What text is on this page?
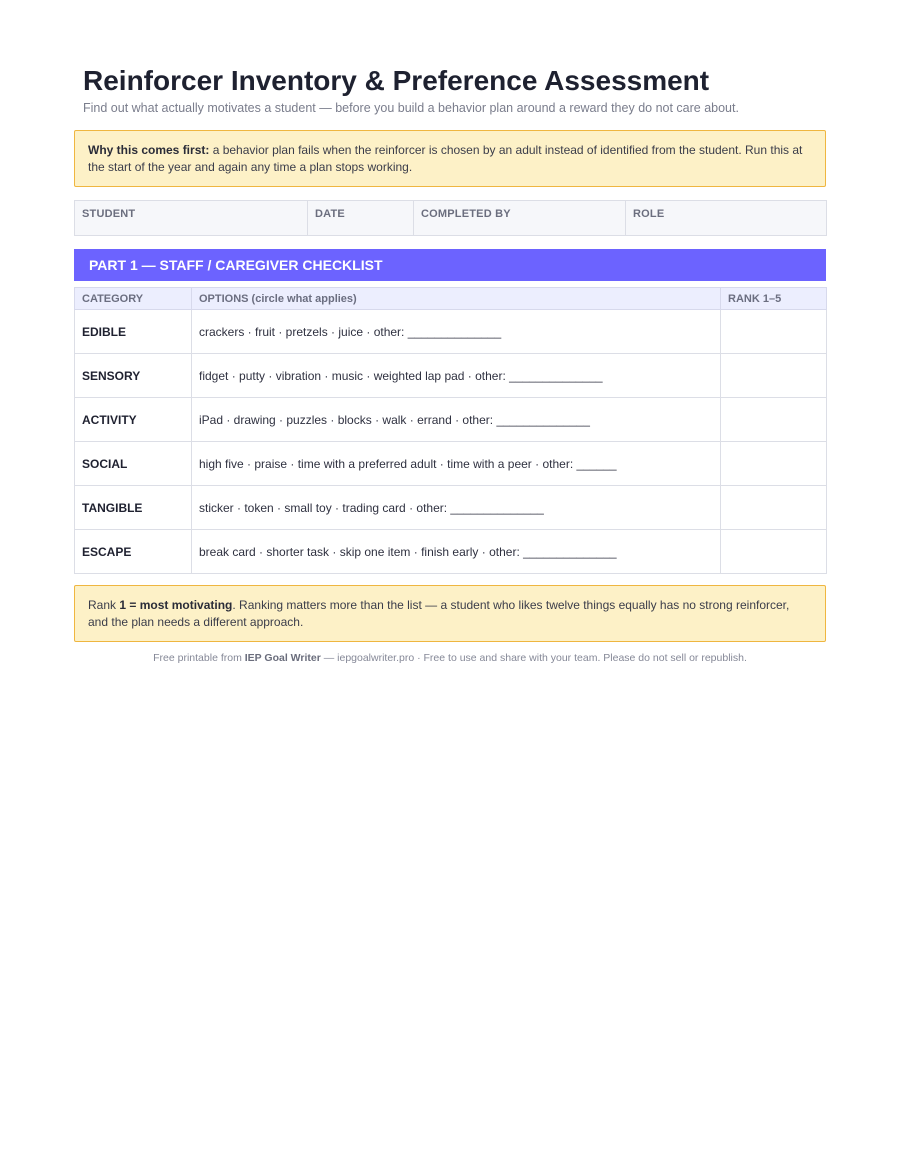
Reinforcer Inventory & Preference Assessment
Find out what actually motivates a student — before you build a behavior plan around a reward they do not care about.
Why this comes first: a behavior plan fails when the reinforcer is chosen by an adult instead of identified from the student. Run this at the start of the year and again any time a plan stops working.
STUDENT	DATE	COMPLETED BY	ROLE
PART 1 — STAFF / CAREGIVER CHECKLIST
CATEGORY	OPTIONS (circle what applies)	RANK 1–5
EDIBLE	crackers · fruit · pretzels · juice · other: ______________	
SENSORY	fidget · putty · vibration · music · weighted lap pad · other: ______________	
ACTIVITY	iPad · drawing · puzzles · blocks · walk · errand · other: ______________	
SOCIAL	high five · praise · time with a preferred adult · time with a peer · other: ______	
TANGIBLE	sticker · token · small toy · trading card · other: ______________	
ESCAPE	break card · shorter task · skip one item · finish early · other: ______________	
Rank 1 = most motivating. Ranking matters more than the list — a student who likes twelve things equally has no strong reinforcer, and the plan needs a different approach.
Free printable from IEP Goal Writer — iepgoalwriter.pro · Free to use and share with your team. Please do not sell or republish.
